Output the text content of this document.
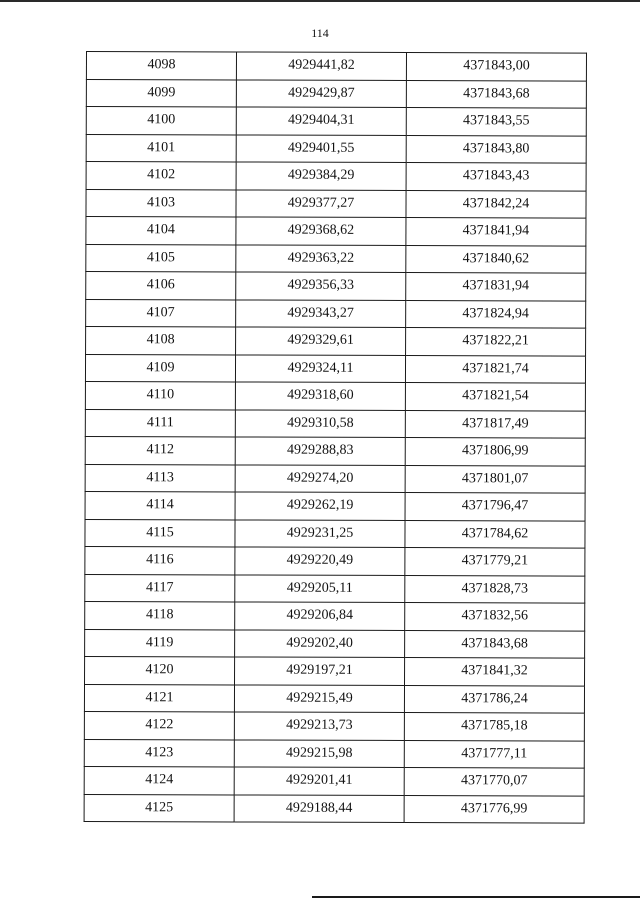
114
4098	4929441,82	4371843,00
4099	4929429,87	4371843,68
4100	4929404,31	4371843,55
4101	4929401,55	4371843,80
4102	4929384,29	4371843,43
4103	4929377,27	4371842,24
4104	4929368,62	4371841,94
4105	4929363,22	4371840,62
4106	4929356,33	4371831,94
4107	4929343,27	4371824,94
4108	4929329,61	4371822,21
4109	4929324,11	4371821,74
4110	4929318,60	4371821,54
4111	4929310,58	4371817,49
4112	4929288,83	4371806,99
4113	4929274,20	4371801,07
4114	4929262,19	4371796,47
4115	4929231,25	4371784,62
4116	4929220,49	4371779,21
4117	4929205,11	4371828,73
4118	4929206,84	4371832,56
4119	4929202,40	4371843,68
4120	4929197,21	4371841,32
4121	4929215,49	4371786,24
4122	4929213,73	4371785,18
4123	4929215,98	4371777,11
4124	4929201,41	4371770,07
4125	4929188,44	4371776,99
